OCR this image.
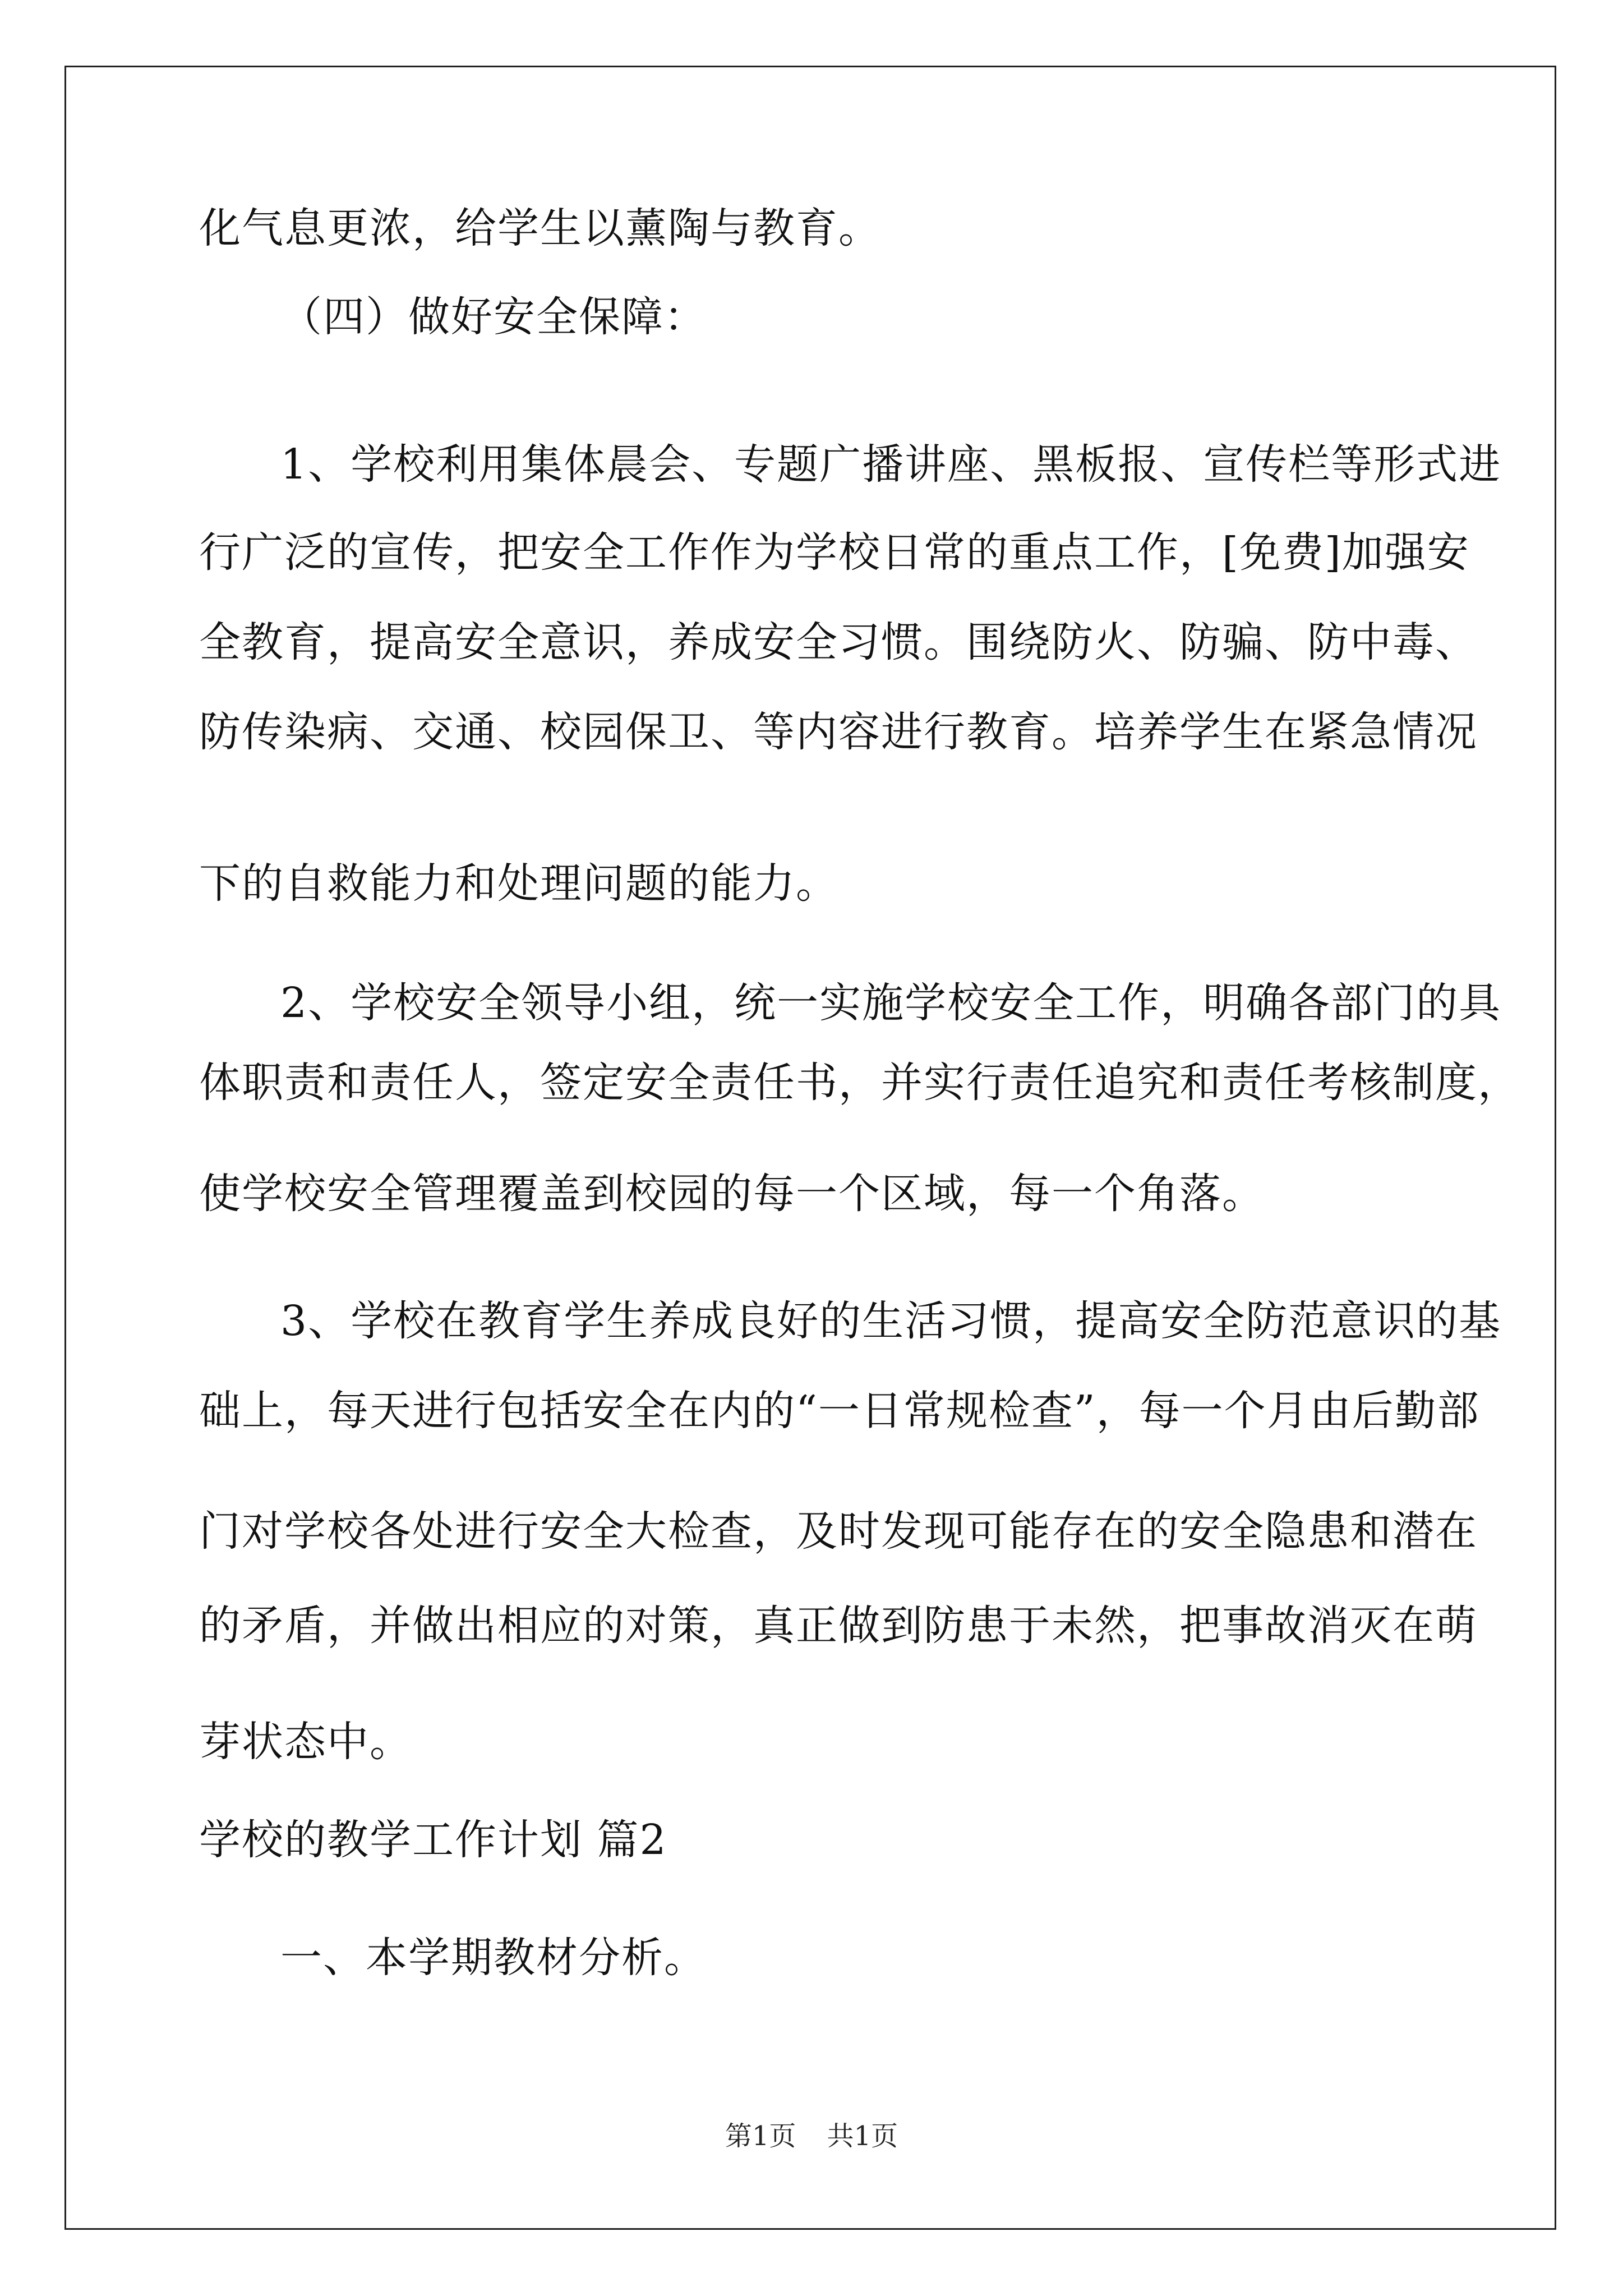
化气息更浓，给学生以薰陶与教育。

（四）做好安全保障：

1、学校利用集体晨会、专题广播讲座、黑板报、宣传栏等形式进

行广泛的宣传，把安全工作作为学校日常的重点工作，[免费]加强安

全教育，提高安全意识，养成安全习惯。围绕防火、防骗、防中毒、

防传染病、交通、校园保卫、等内容进行教育。培养学生在紧急情况

下的自救能力和处理问题的能力。

2、学校安全领导小组，统一实施学校安全工作，明确各部门的具

体职责和责任人，签定安全责任书，并实行责任追究和责任考核制度，

使学校安全管理覆盖到校园的每一个区域，每一个角落。

3、学校在教育学生养成良好的生活习惯，提高安全防范意识的基

础上，每天进行包括安全在内的“一日常规检查”，每一个月由后勤部

门对学校各处进行安全大检查，及时发现可能存在的安全隐患和潜在

的矛盾，并做出相应的对策，真正做到防患于未然，把事故消灭在萌

芽状态中。

学校的教学工作计划 篇2

一、本学期教材分析。

第1页 共1页
